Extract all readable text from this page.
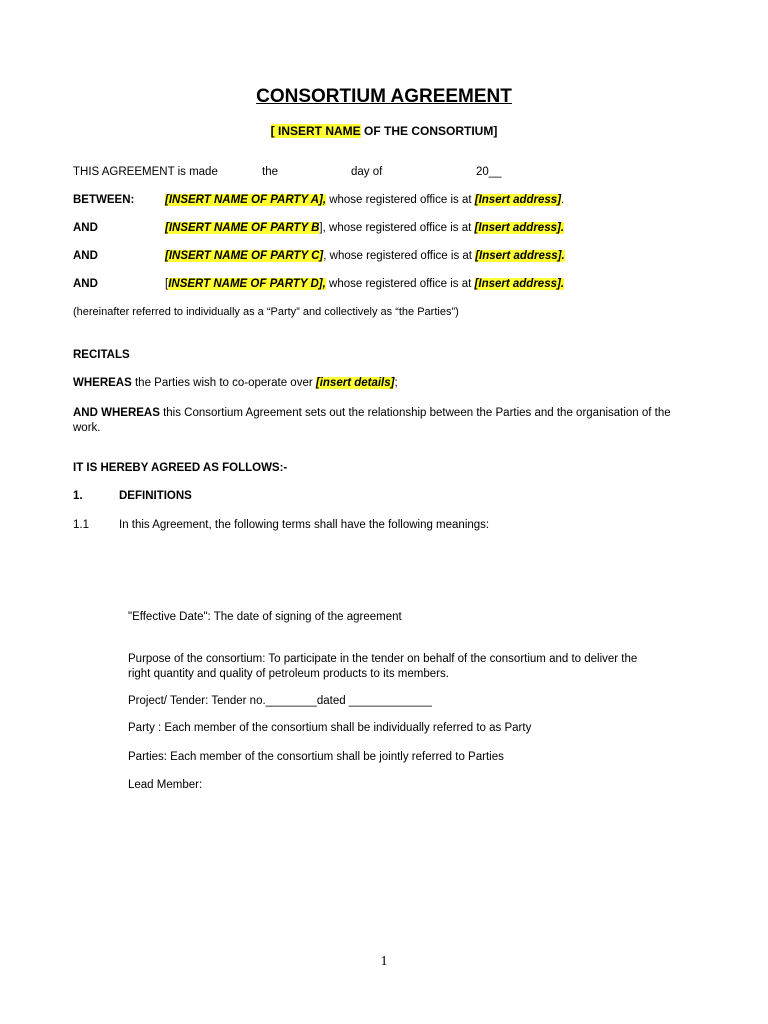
CONSORTIUM AGREEMENT
[ INSERT NAME OF THE CONSORTIUM]
THIS AGREEMENT is made	the	day of	20__
BETWEEN:	[INSERT NAME OF PARTY A], whose registered office is at [Insert address].
AND	[INSERT NAME OF PARTY B], whose registered office is at [Insert address].
AND	[INSERT NAME OF PARTY C], whose registered office is at [Insert address].
AND	[INSERT NAME OF PARTY D], whose registered office is at [Insert address].
(hereinafter referred to individually as a “Party” and collectively as “the Parties”)
RECITALS
WHEREAS the Parties wish to co-operate over [insert details];
AND WHEREAS this Consortium Agreement sets out the relationship between the Parties and the organisation of the work.
IT IS HEREBY AGREED AS FOLLOWS:-
1.	DEFINITIONS
1.1	In this Agreement, the following terms shall have the following meanings:
"Effective Date": The date of signing of the agreement
Purpose of the consortium: To participate in the tender on behalf of the consortium and to deliver the right quantity and quality of petroleum products to its members.
Project/ Tender: Tender no.________dated _____________
Party : Each member of the consortium shall be individually referred to as Party
Parties: Each member of the consortium shall be jointly referred to Parties
Lead Member:
1
